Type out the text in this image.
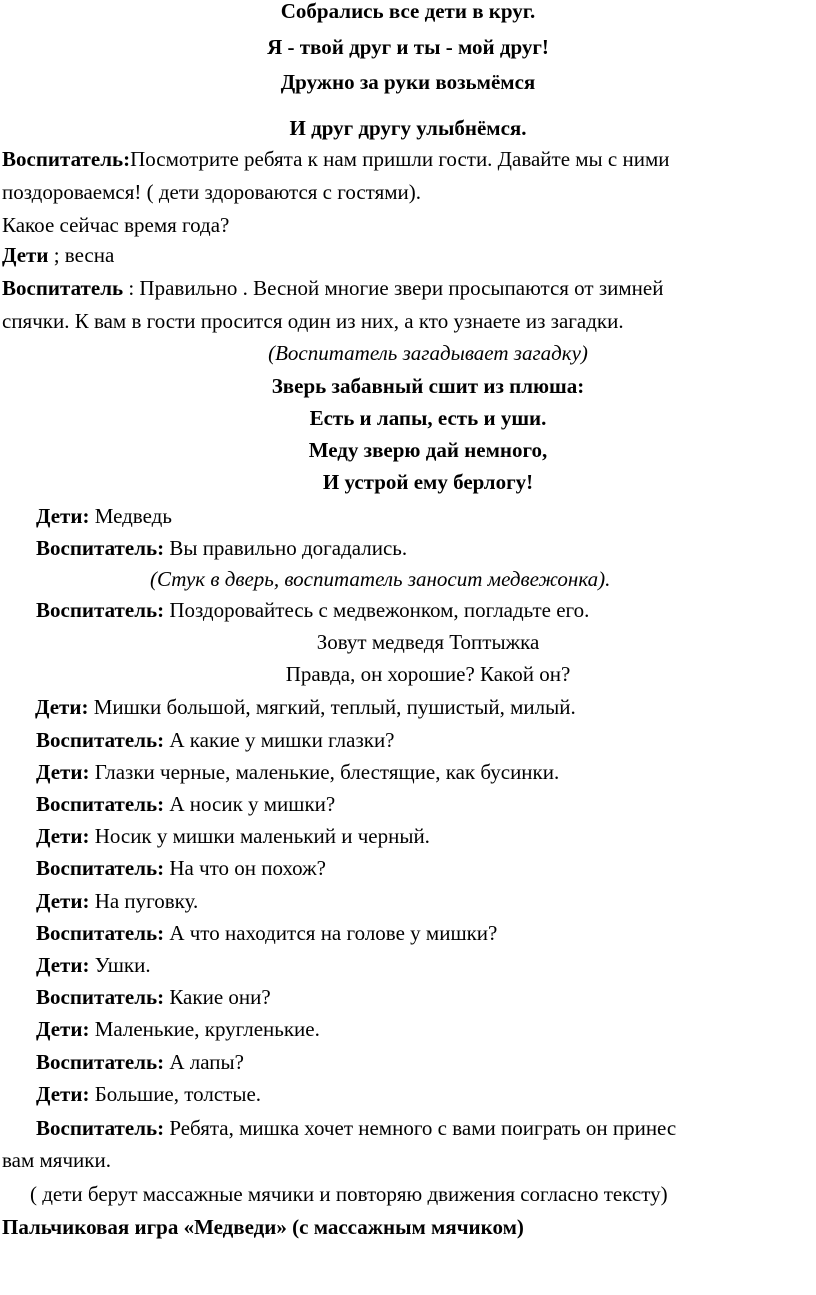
Собрались все дети в круг.
Я - твой друг и ты - мой друг!
Дружно за руки возьмёмся
И друг другу улыбнёмся.
Воспитатель:Посмотрите ребята к нам пришли гости. Давайте мы с ними
поздороваемся! ( дети здороваются с гостями).
Какое сейчас время года?
Дети ; весна
Воспитатель : Правильно . Весной многие звери просыпаются от зимней
спячки. К вам в гости просится один из них, а кто узнаете из загадки.
(Воспитатель загадывает загадку)
Зверь забавный сшит из плюша:
Есть и лапы, есть и уши.
Меду зверю дай немного,
И устрой ему берлогу!
Дети: Медведь
Воспитатель: Вы правильно догадались.
(Стук в дверь, воспитатель заносит медвежонка).
Воспитатель: Поздоровайтесь с медвежонком, погладьте его.
Зовут медведя Топтыжка
Правда, он хорошие? Какой он?
Дети: Мишки большой, мягкий, теплый, пушистый, милый.
Воспитатель: А какие у мишки глазки?
Дети: Глазки черные, маленькие, блестящие, как бусинки.
Воспитатель: А носик у мишки?
Дети: Носик у мишки маленький и черный.
Воспитатель: На что он похож?
Дети: На пуговку.
Воспитатель: А что находится на голове у мишки?
Дети: Ушки.
Воспитатель: Какие они?
Дети: Маленькие, кругленькие.
Воспитатель: А лапы?
Дети: Большие, толстые.
Воспитатель: Ребята, мишка хочет немного с вами поиграть он принес
вам мячики.
( дети берут массажные мячики и повторяю движения согласно тексту)
Пальчиковая игра «Медведи» (с массажным мячиком)
